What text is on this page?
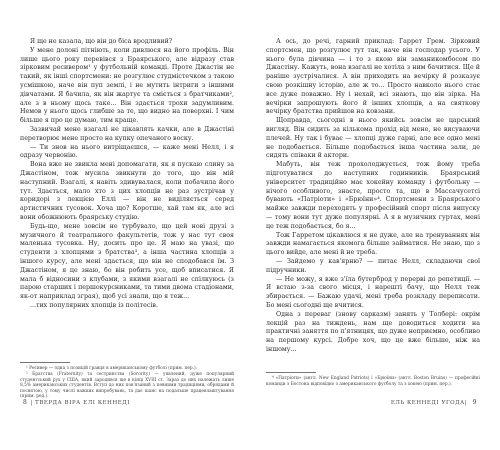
Я ще не казала, що він до біса вродливий?

У мене долоні пітніють, коли дивлюся на його профіль. Він лише цього року перевівся з Браярського, але відразу став зірковим ресивером¹ у футбольній команді. Проте Джастін не такий, як інші спортсмени: не розгулює студмістечком з такою усмішкою, наче він пуп землі, і не мутить інтриги з іншими дівчатами. Я бачила, як він жартує та сміється з братчиками², але з в ньому щось таке... Він здається трохи задумливим. Немов у нього щось глибше за те, що видно на поверхні. І чим більше я про це думаю, тим краще.

Зазвичай мене взагалі не цікавлять качки, але в Джастіні перетворює мене просто на купку опечаного воску.

— Ти знов на нього витріщаєшся, — каже мені Нелл, і я одразу червонію.

Вона вже не звикла мені допомагати, як я пускаю слину за Джастіном, тож мусила звикнути до того, що він мій наступний. Взагалі, я навіть здивувалася, коли побачила його тут. Здається, мало хто з цих хлопців не раз зустрічав у коридорі з лекцією Еллі — він не виділяється серед артистичних тусовок. Хоча що? Коротше, хай там як, але всі вони обожнюють браярську студію.

Будь-що, мене зовсім не турбувало, що цей нові друзі з музичного й театрального факультетів, тож у нас тут своя маленька тусовка. Ну, досить про це. Я маю на увазі, що студенти з хлопцями з братства³, а інша частина хлопців з іншого курсу, але мені здається, що він не сподобався їм. З Джастіном, я це знаю, бо він робить усе, щоб вписатися. Я мала б відносини з клубами, з якими взагалі не спілкуюсь (з парою старших і першокурсниками, та тими двома стадіонами, як-от наприклад зграя), щоб усі знали, що я теж...

...тих популярних хлопців із політесів.

¹ Ресивер — одна з позицій гравця в американському футболі (прим. пер.).

² Братства (Fraternity) та сестринства (Sorority) — уявлений, дуже популярний студентський рух у США, який зародився ще в кінці XVIII ст. Зараз до них належать лише 8,5% американських студентів. Вступ до них пов'язаний з певними традиціями, обрядами й посвятою, у тому числі важких випробувань, та дає шанс на подальше працевлаштування (прим. ред.).

8 | ТВЕРДА ВІРА ЕЛІ КЕННЕДІ

А ось, до речі, гарний приклад: Гаррет Грем. Зірковий спортсмен, що розгулює тут так, наче він господар усього. У нього була дівчина — і то з якою він заманикомбосом по Джастіну. Кажуть, вона взагалі не хотіла з ним бачитися. Ще й раніше зустрічалися. А він приходить на вечірку й розказує свою розкішну історію, але ж то... Просто навколо нього стає все дуже поважно. Ну і нехай, всі знають, що він зірка. На вечірки запрошують його й інших хлопців, а на святкову вечірку братства прийшов на ковзани.

Щоправда, сьогодні в нього якийсь зовсім не царський вигляд. Він сидить за кількома прохід від мене, не висуваючи плечей. Ну так і буває — хлопці дуже гарні, але все одно мені не подобається. Більше подобається інша частина зали, де сидять співаки й актори.

Мабуть, він теж прохолоджується, тож йому треба підготуватися до наступних годинників. Браярський університет традиційно має хокейну команду і футбольну — нічого особливого, знаєте, просто та, що в Массачусетсі бувають «Патріоти» і «Брюїни»⁴. Спортсмени з Браярського майже завжди переходять у професійний спорт після випуску — тому вони тут дуже популярні. А я в музичних гуртах, мені це теж подобається, бо я...

Тож Гарретом цікавлюся я не дуже, але на тренуваннях він завжди намагається якомога більше займатися. Не знаю, що з цього вийде, але мені й не треба.

— Зайдемо у кав'ярню? — питає Нелл, складаючи свої підручники.

— Не можу, я вже з'їла бутерброд у перерві до репетиції. — Я встаю з-за свого місця, і нарешті бачу, що Нелл теж збирається. — Бажаю удачі, мені треба розкладу переписати. Бо мені сьогодні ще вчитися.

Одна з переваг (знову сарказм) занять у Толбері: окрім лекцій раз на тиждень, нам ще доводиться ходити на практичні заняття по п'ятницях, що дуже неприємно, особливо на першому курсі. Добре хоч, що це вже більше, ніж на іншому...

⁴ «Патріоти» (англ. New England Patriots) і «Брюїни» (англ. Boston Bruins) — професійні команди з Бостона відповідно з американського футболу та з хокею (прим. пер.).

ЕЛЬ КЕННЕДІ УГОДА| 9
